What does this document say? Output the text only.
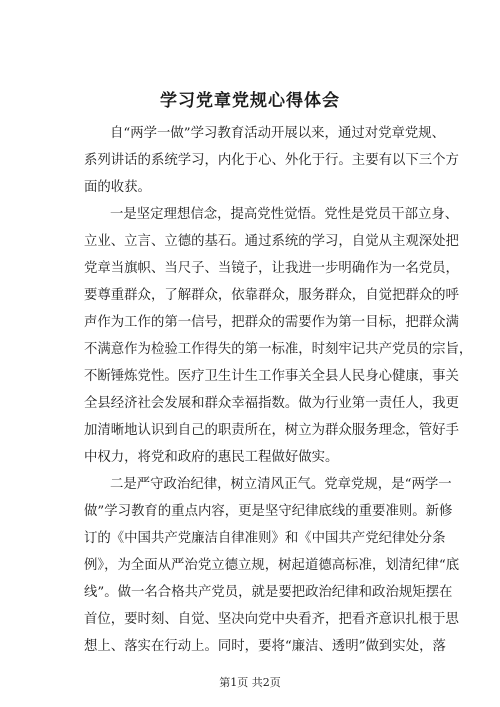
学习党章党规心得体会
自“两学一做”学习教育活动开展以来，通过对党章党规、
系列讲话的系统学习，内化于心、外化于行。主要有以下三个方
面的收获。
一是坚定理想信念，提高党性觉悟。党性是党员干部立身、
立业、立言、立德的基石。通过系统的学习，自觉从主观深处把
党章当旗帜、当尺子、当镜子，让我进一步明确作为一名党员，
要尊重群众，了解群众，依靠群众，服务群众，自觉把群众的呼
声作为工作的第一信号，把群众的需要作为第一目标，把群众满
不满意作为检验工作得失的第一标准，时刻牢记共产党员的宗旨，
不断锤炼党性。医疗卫生计生工作事关全县人民身心健康，事关
全县经济社会发展和群众幸福指数。做为行业第一责任人，我更
加清晰地认识到自己的职责所在，树立为群众服务理念，管好手
中权力，将党和政府的惠民工程做好做实。
二是严守政治纪律，树立清风正气。党章党规，是“两学一
做”学习教育的重点内容，更是坚守纪律底线的重要准则。新修
订的《中国共产党廉洁自律准则》和《中国共产党纪律处分条
例》，为全面从严治党立德立规，树起道德高标准，划清纪律“底
线”。做一名合格共产党员，就是要把政治纪律和政治规矩摆在
首位，要时刻、自觉、坚决向党中央看齐，把看齐意识扎根于思
想上、落实在行动上。同时，要将“廉洁、透明”做到实处，落
第1页 共2页
